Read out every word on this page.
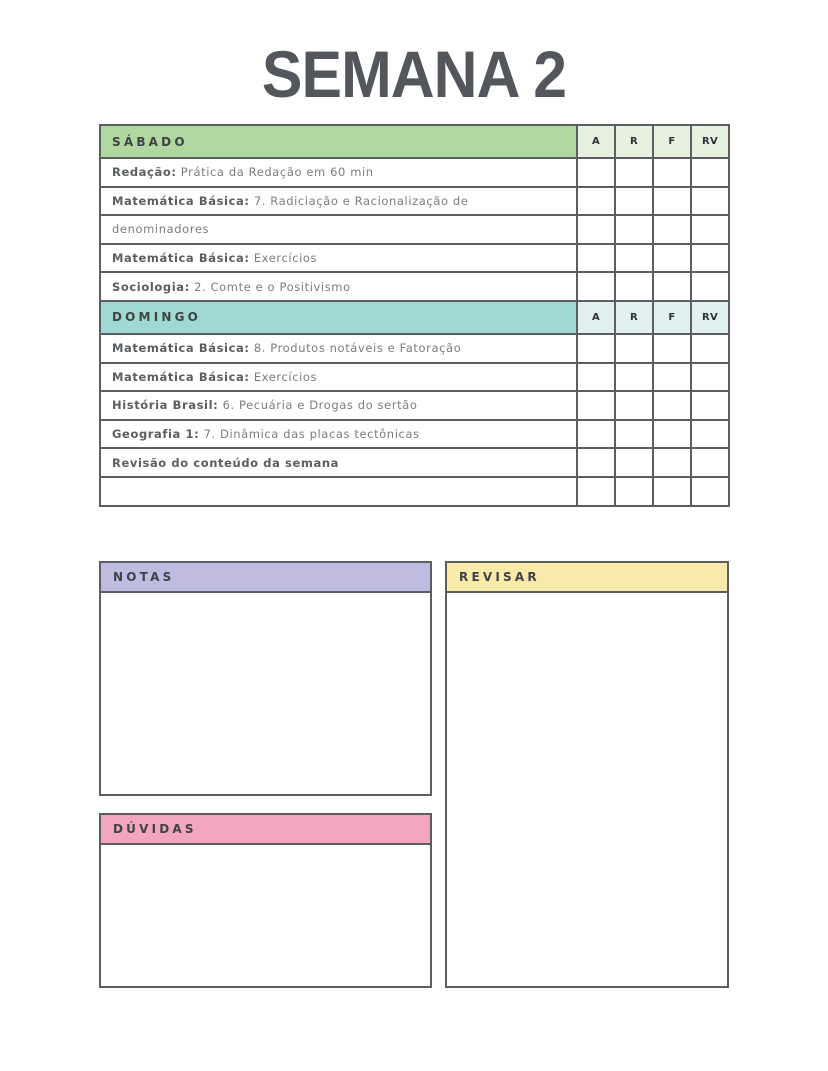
SEMANA 2
SÁBADO	A	R	F	RV
Redação: Prática da Redação em 60 min				
Matemática Básica: 7. Radiciação e Racionalização de				
denominadores				
Matemática Básica: Exercícios				
Sociologia: 2. Comte e o Positivismo				
DOMINGO	A	R	F	RV
Matemática Básica: 8. Produtos notáveis e Fatoração				
Matemática Básica: Exercícios				
História Brasil: 6. Pecuária e Drogas do sertão				
Geografia 1: 7. Dinâmica das placas tectônicas				
Revisão do conteúdo da semana				

NOTAS
DÚVIDAS
REVISAR
